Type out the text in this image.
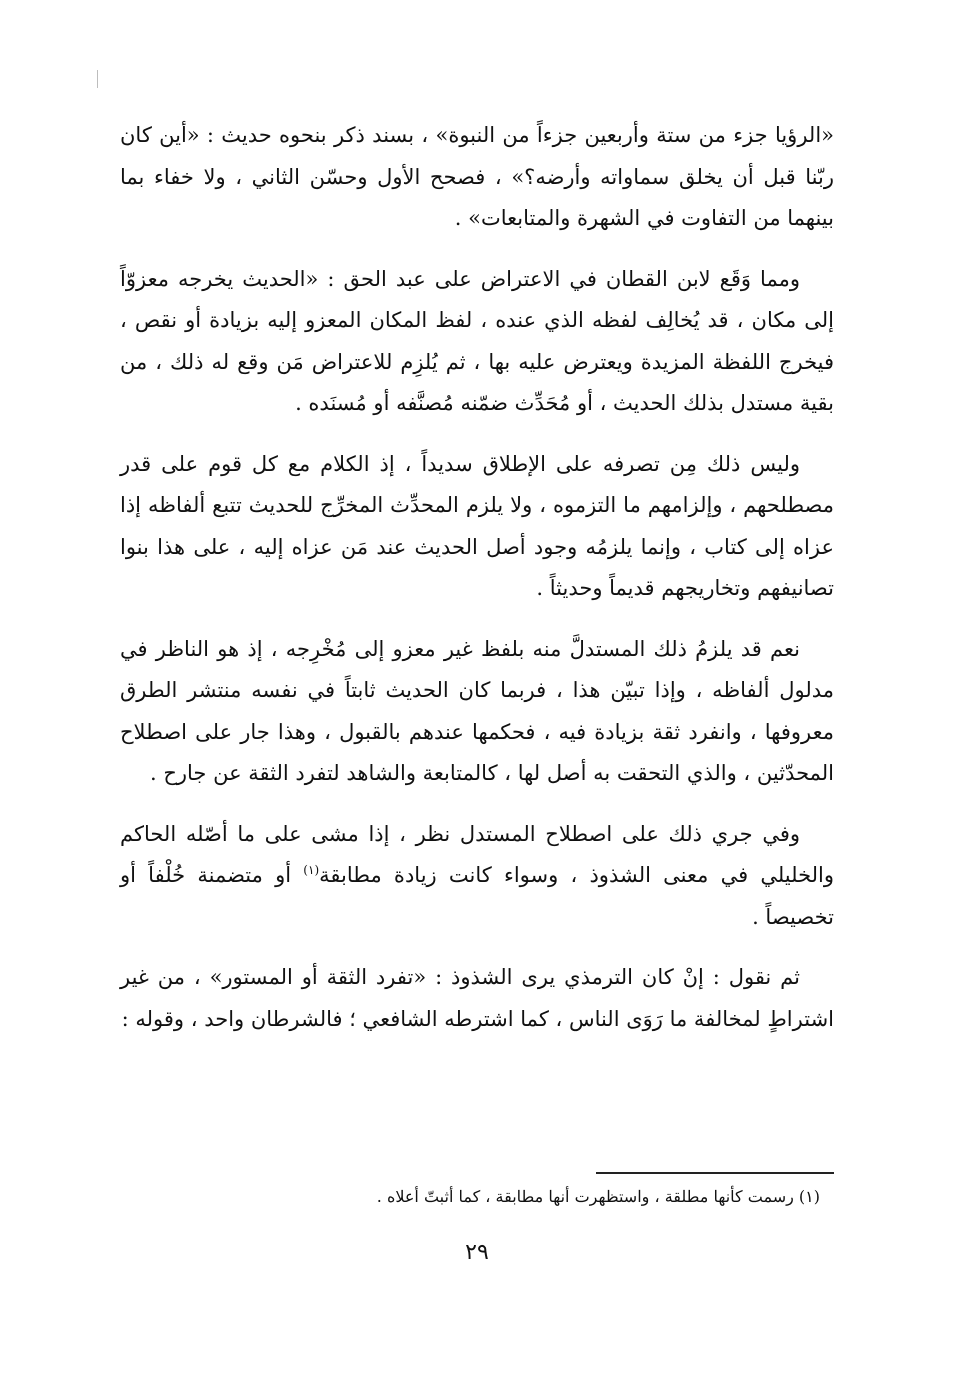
«الرؤيا جزء من ستة وأربعين جزءاً من النبوة» ، بسند ذكر بنحوه حديث : «أين كان ربّنا قبل أن يخلق سماواته وأرضه؟» ، فصحح الأول وحسّن الثاني ، ولا خفاء بما بينهما من التفاوت في الشهرة والمتابعات» .

ومما وَقَع لابن القطان في الاعتراض على عبد الحق : «الحديث يخرجه معزوّاً إلى مكان ، قد يُخالِف لفظه الذي عنده ، لفظ المكان المعزو إليه بزيادة أو نقص ، فيخرج اللفظة المزيدة ويعترض عليه بها ، ثم يُلزِم للاعتراض مَن وقع له ذلك ، من بقية مستدل بذلك الحديث ، أو مُحَدِّث ضمّنه مُصنَّفه أو مُسنَده .

وليس ذلك مِن تصرفه على الإطلاق سديداً ، إذ الكلام مع كل قوم على قدر مصطلحهم ، وإلزامهم ما التزموه ، ولا يلزم المحدِّث المخرِّج للحديث تتبع ألفاظه إذا عزاه إلى كتاب ، وإنما يلزمُه وجود أصل الحديث عند مَن عزاه إليه ، على هذا بنوا تصانيفهم وتخاريجهم قديماً وحديثاً .

نعم قد يلزمُ ذلك المستدلَّ منه بلفظ غير معزو إلى مُخْرِجه ، إذ هو الناظر في مدلول ألفاظه ، وإذا تبيّن هذا ، فربما كان الحديث ثابتاً في نفسه منتشر الطرق معروفها ، وانفرد ثقة بزيادة فيه ، فحكمها عندهم بالقبول ، وهذا جار على اصطلاح المحدّثين ، والذي التحقت به أصل لها ، كالمتابعة والشاهد لتفرد الثقة عن جارح .

وفي جري ذلك على اصطلاح المستدل نظر ، إذا مشى على ما أصّله الحاكم والخليلي في معنى الشذوذ ، وسواء كانت زيادة مطابقة$^{(١)}$ أو متضمنة خُلْفاً أو تخصيصاً .

ثم نقول : إنْ كان الترمذي يرى الشذوذ : «تفرد الثقة أو المستور» ، من غير اشتراطٍ لمخالفة ما رَوَى الناس ، كما اشترطه الشافعي ؛ فالشرطان واحد ، وقوله :

(١) رسمت كأنها مطلقة ، واستظهرت أنها مطابقة ، كما أثبتّ أعلاه .
٢٩
